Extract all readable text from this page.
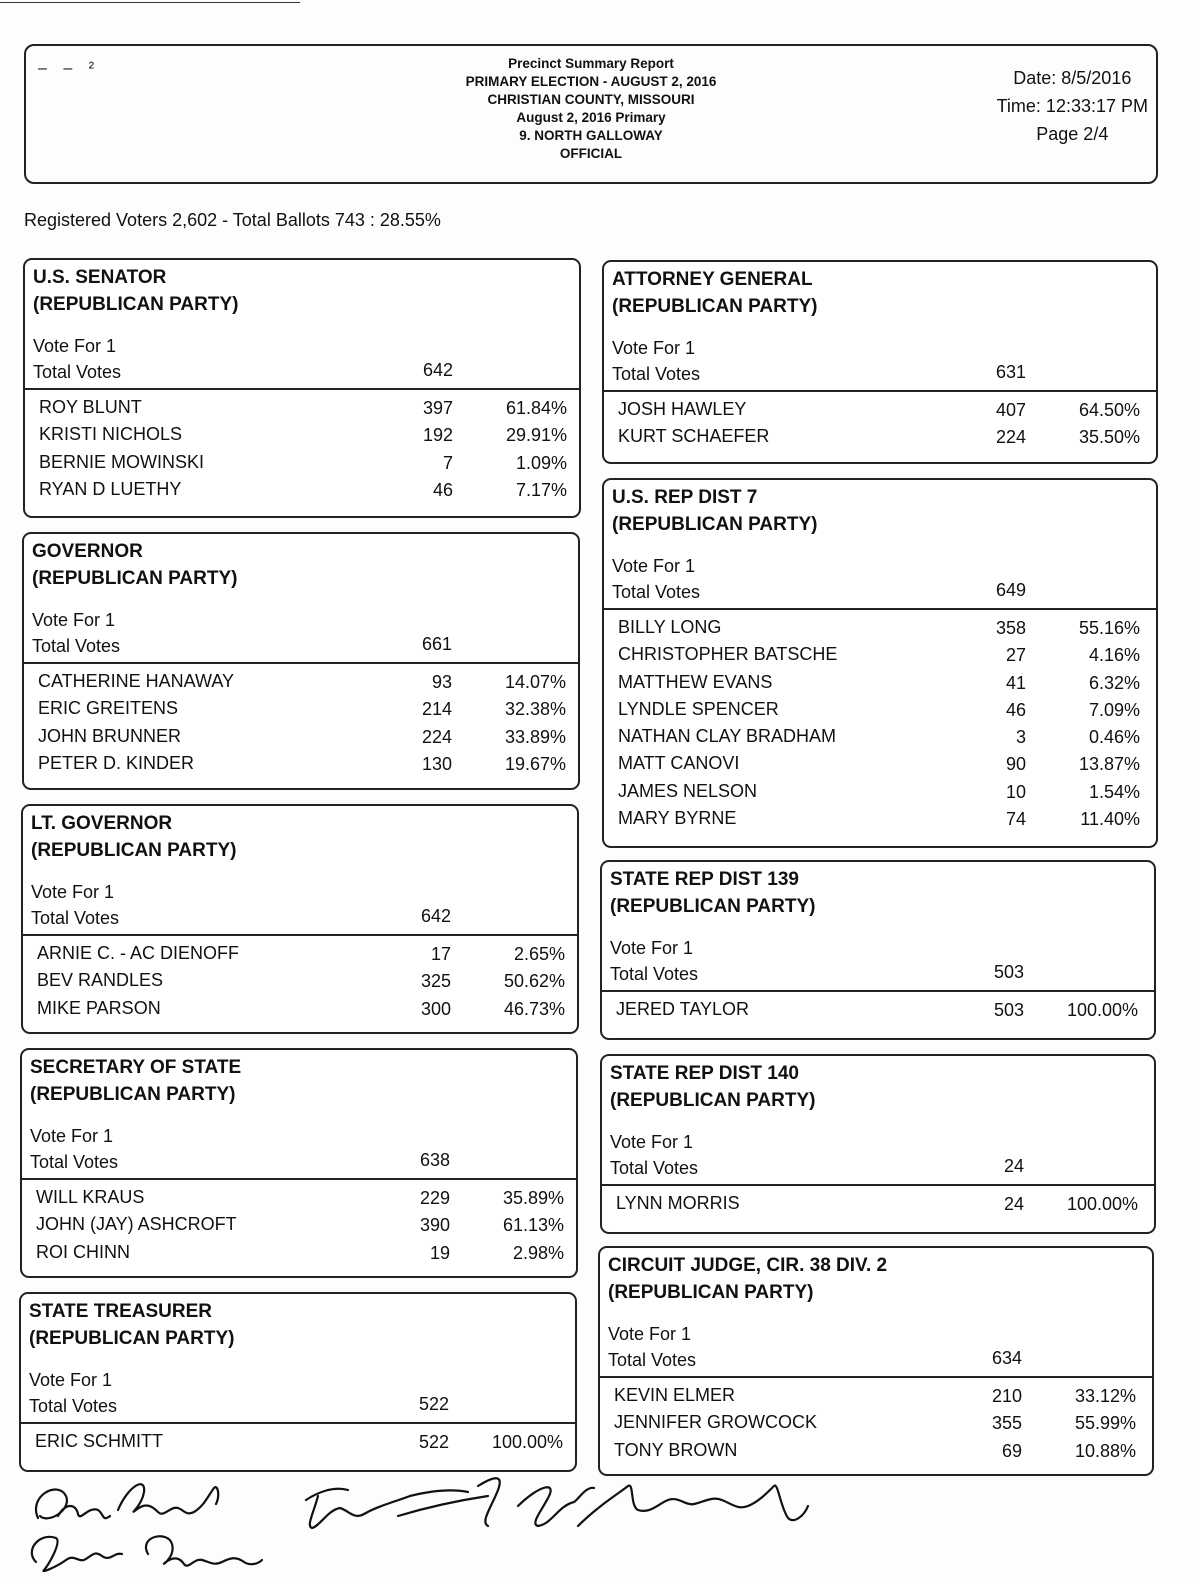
– – ²	Precinct Summary Report
PRIMARY ELECTION - AUGUST 2, 2016
CHRISTIAN COUNTY, MISSOURI
August 2, 2016 Primary
9. NORTH GALLOWAY
OFFICIAL
Date: 8/5/2016
Time: 12:33:17 PM
Page 2/4
Registered Voters 2,602 - Total Ballots 743 : 28.55%
U.S. SENATOR
(REPUBLICAN PARTY)
Vote For 1
Total Votes	642
ROY BLUNT	397	61.84%
KRISTI NICHOLS	192	29.91%
BERNIE MOWINSKI	7	1.09%
RYAN D LUETHY	46	7.17%
GOVERNOR
(REPUBLICAN PARTY)
Vote For 1
Total Votes	661
CATHERINE HANAWAY	93	14.07%
ERIC GREITENS	214	32.38%
JOHN BRUNNER	224	33.89%
PETER D. KINDER	130	19.67%
LT. GOVERNOR
(REPUBLICAN PARTY)
Vote For 1
Total Votes	642
ARNIE C. - AC DIENOFF	17	2.65%
BEV RANDLES	325	50.62%
MIKE PARSON	300	46.73%
SECRETARY OF STATE
(REPUBLICAN PARTY)
Vote For 1
Total Votes	638
WILL KRAUS	229	35.89%
JOHN (JAY) ASHCROFT	390	61.13%
ROI CHINN	19	2.98%
STATE TREASURER
(REPUBLICAN PARTY)
Vote For 1
Total Votes	522
ERIC SCHMITT	522	100.00%
ATTORNEY GENERAL
(REPUBLICAN PARTY)
Vote For 1
Total Votes	631
JOSH HAWLEY	407	64.50%
KURT SCHAEFER	224	35.50%
U.S. REP DIST 7
(REPUBLICAN PARTY)
Vote For 1
Total Votes	649
BILLY LONG	358	55.16%
CHRISTOPHER BATSCHE	27	4.16%
MATTHEW EVANS	41	6.32%
LYNDLE SPENCER	46	7.09%
NATHAN CLAY BRADHAM	3	0.46%
MATT CANOVI	90	13.87%
JAMES NELSON	10	1.54%
MARY BYRNE	74	11.40%
STATE REP DIST 139
(REPUBLICAN PARTY)
Vote For 1
Total Votes	503
JERED TAYLOR	503	100.00%
STATE REP DIST 140
(REPUBLICAN PARTY)
Vote For 1
Total Votes	24
LYNN MORRIS	24	100.00%
CIRCUIT JUDGE, CIR. 38 DIV. 2
(REPUBLICAN PARTY)
Vote For 1
Total Votes	634
KEVIN ELMER	210	33.12%
JENNIFER GROWCOCK	355	55.99%
TONY BROWN	69	10.88%
